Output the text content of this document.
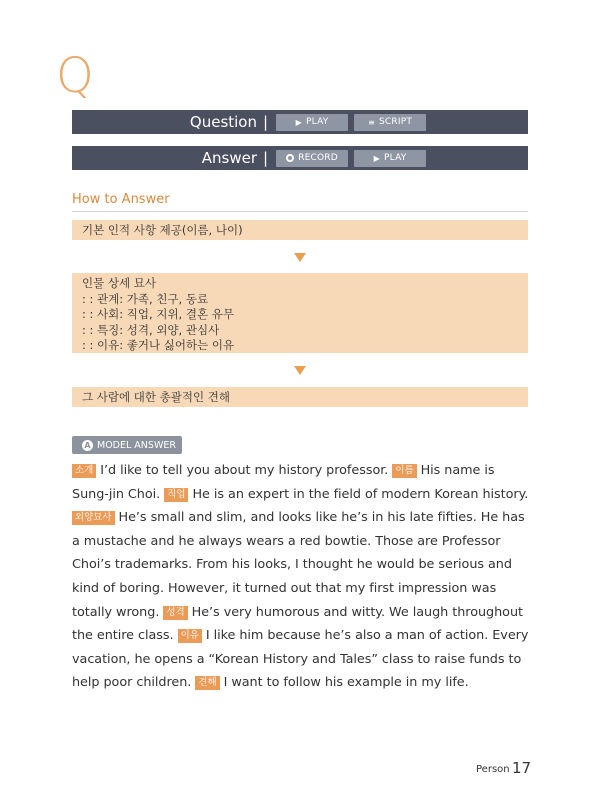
Q
Question |	▶ PLAY	≡ SCRIPT
Answer |	RECORD	▶ PLAY
How to Answer
기본 인적 사항 제공(이름, 나이)
인물 상세 묘사
: : 관계: 가족, 친구, 동료
: : 사회: 직업, 지위, 결혼 유무
: : 특징: 성격, 외양, 관심사
: : 이유: 좋거나 싫어하는 이유
그 사람에 대한 총괄적인 견해
A MODEL ANSWER
소개 I’d like to tell you about my history professor. 이름 His name is Sung-jin Choi. 직업 He is an expert in the field of modern Korean history. 외양묘사 He’s small and slim, and looks like he’s in his late fifties. He has a mustache and he always wears a red bowtie. Those are Professor Choi’s trademarks. From his looks, I thought he would be serious and kind of boring. However, it turned out that my first impression was totally wrong. 성격 He’s very humorous and witty. We laugh throughout the entire class. 이유 I like him because he’s also a man of action. Every vacation, he opens a “Korean History and Tales” class to raise funds to help poor children. 견해 I want to follow his example in my life.
Person 17
